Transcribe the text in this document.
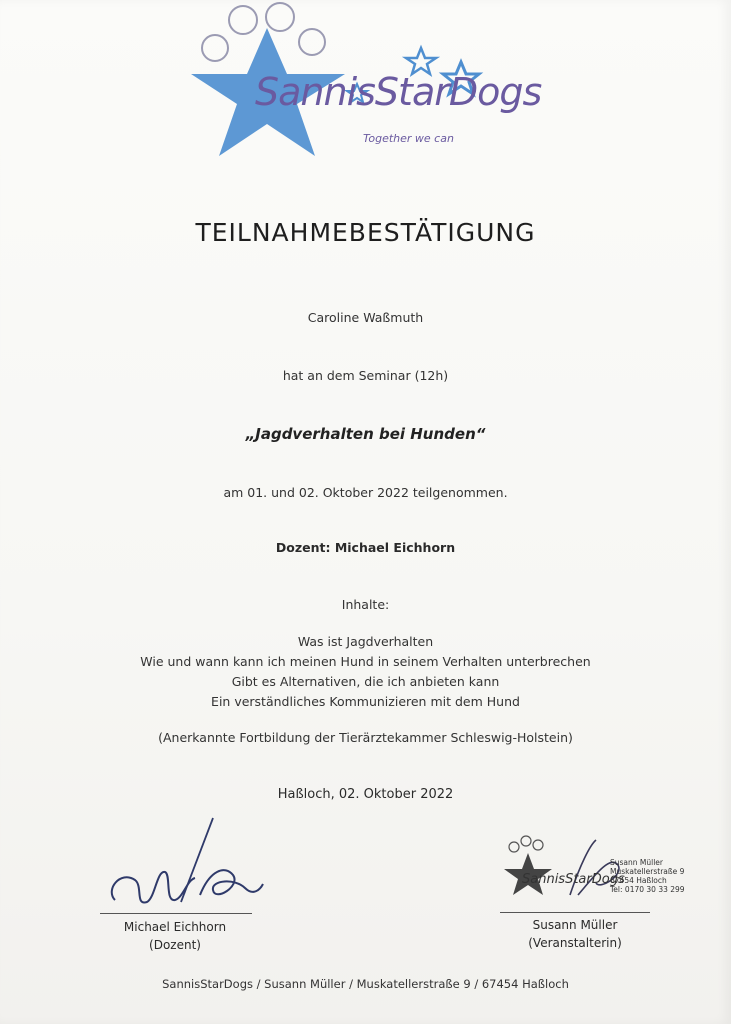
SannisStarDogs
Together we can
TEILNAHMEBESTÄTIGUNG
Caroline Waßmuth
hat an dem Seminar (12h)
„Jagdverhalten bei Hunden“
am 01. und 02. Oktober 2022 teilgenommen.
Dozent: Michael Eichhorn
Inhalte:
Was ist Jagdverhalten
Wie und wann kann ich meinen Hund in seinem Verhalten unterbrechen
Gibt es Alternativen, die ich anbieten kann
Ein verständliches Kommunizieren mit dem Hund
(Anerkannte Fortbildung der Tierärztekammer Schleswig-Holstein)
Haßloch, 02. Oktober 2022
Michael Eichhorn
(Dozent)
SannisStarDogs
Susann Müller
Muskatellerstraße 9
67454 Haßloch
Tel: 0170 30 33 299
Susann Müller
(Veranstalterin)
SannisStarDogs / Susann Müller / Muskatellerstraße 9 / 67454 Haßloch
